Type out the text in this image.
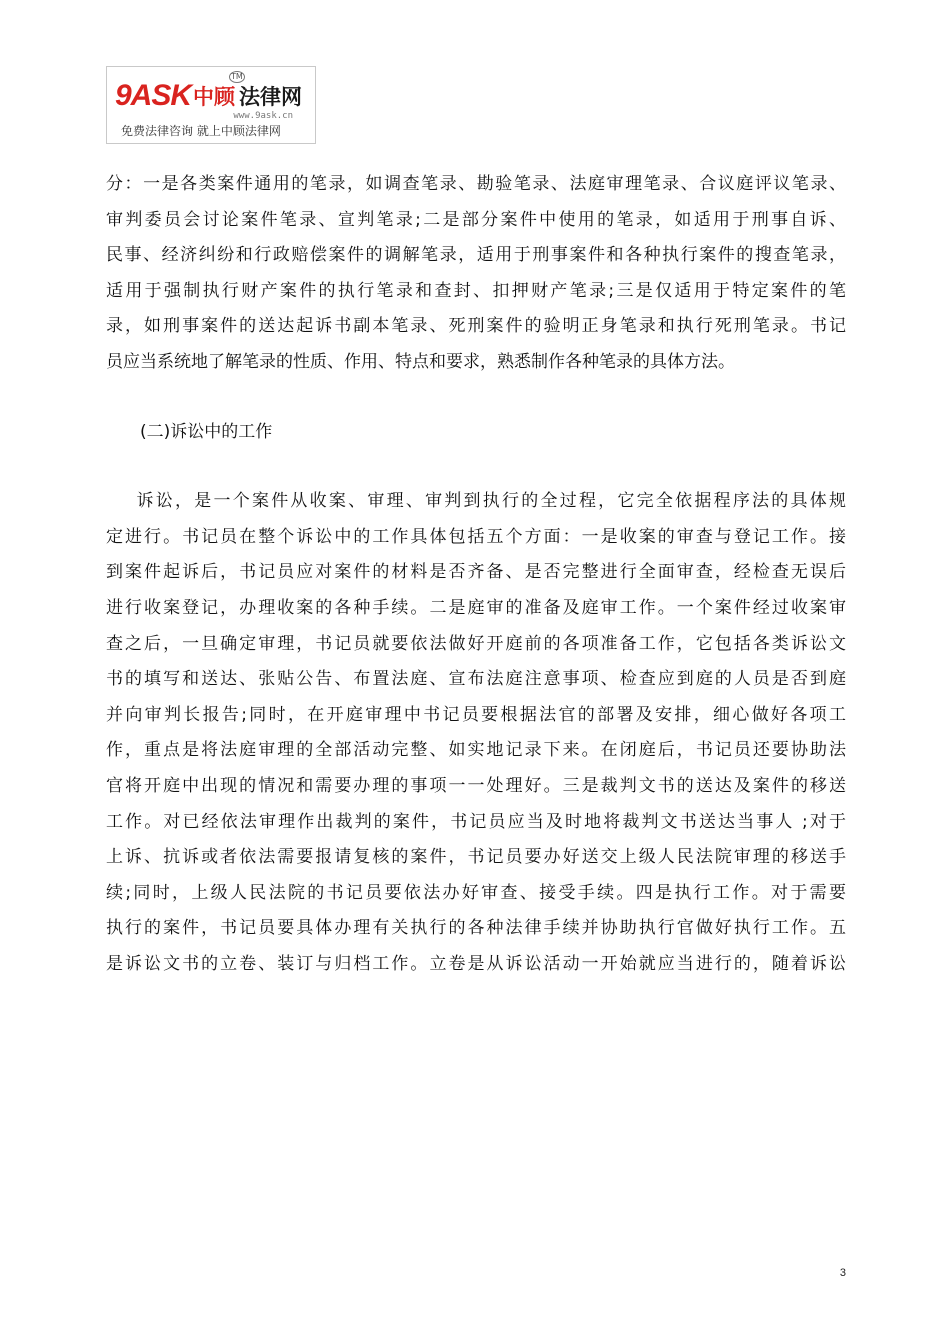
9ASK 中顾 法律网
TM
www.9ask.cn
免费法律咨询 就上中顾法律网
分：一是各类案件通用的笔录，如调查笔录、勘验笔录、法庭审理笔录、合议庭评议笔录、
审判委员会讨论案件笔录、宣判笔录;二是部分案件中使用的笔录，如适用于刑事自诉、
民事、经济纠纷和行政赔偿案件的调解笔录，适用于刑事案件和各种执行案件的搜查笔录，
适用于强制执行财产案件的执行笔录和查封、扣押财产笔录;三是仅适用于特定案件的笔
录，如刑事案件的送达起诉书副本笔录、死刑案件的验明正身笔录和执行死刑笔录。书记
员应当系统地了解笔录的性质、作用、特点和要求，熟悉制作各种笔录的具体方法。
(二)诉讼中的工作
诉讼，是一个案件从收案、审理、审判到执行的全过程，它完全依据程序法的具体规
定进行。书记员在整个诉讼中的工作具体包括五个方面：一是收案的审查与登记工作。接
到案件起诉后，书记员应对案件的材料是否齐备、是否完整进行全面审查，经检查无误后
进行收案登记，办理收案的各种手续。二是庭审的准备及庭审工作。一个案件经过收案审
查之后，一旦确定审理，书记员就要依法做好开庭前的各项准备工作，它包括各类诉讼文
书的填写和送达、张贴公告、布置法庭、宣布法庭注意事项、检查应到庭的人员是否到庭
并向审判长报告;同时，在开庭审理中书记员要根据法官的部署及安排，细心做好各项工
作，重点是将法庭审理的全部活动完整、如实地记录下来。在闭庭后，书记员还要协助法
官将开庭中出现的情况和需要办理的事项一一处理好。三是裁判文书的送达及案件的移送
工作。对已经依法审理作出裁判的案件，书记员应当及时地将裁判文书送达当事人 ;对于
上诉、抗诉或者依法需要报请复核的案件，书记员要办好送交上级人民法院审理的移送手
续;同时，上级人民法院的书记员要依法办好审查、接受手续。四是执行工作。对于需要
执行的案件，书记员要具体办理有关执行的各种法律手续并协助执行官做好执行工作。五
是诉讼文书的立卷、装订与归档工作。立卷是从诉讼活动一开始就应当进行的，随着诉讼
3
